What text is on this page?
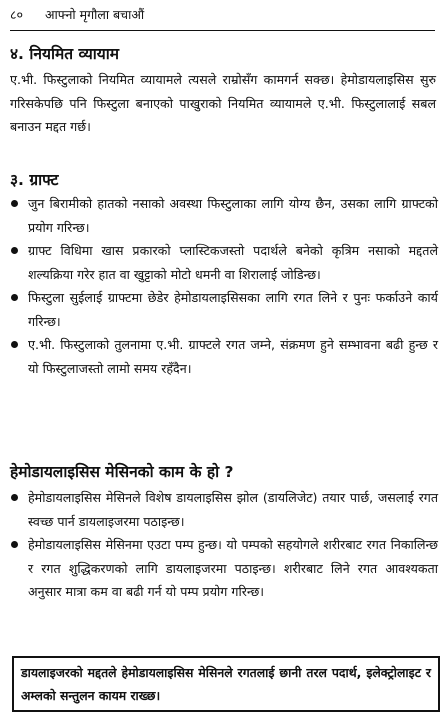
८० आफ्नो मृगौला बचाऔं
४. नियमित व्यायाम
ए.भी. फिस्टुलाको नियमित व्यायामले त्यसले राम्रोसँग कामगर्न सक्छ। हेमोडायलाइसिस सुरु गरिसकेपछि पनि फिस्टुला बनाएको पाखुराको नियमित व्यायामले ए.भी. फिस्टुलालाई सबल बनाउन मद्दत गर्छ।
३. ग्राफ्ट
जुन बिरामीको हातको नसाको अवस्था फिस्टुलाका लागि योग्य छैन, उसका लागि ग्राफ्टको प्रयोग गरिन्छ।
ग्राफ्ट विधिमा खास प्रकारको प्लास्टिकजस्तो पदार्थले बनेको कृत्रिम नसाको मद्दतले शल्यक्रिया गरेर हात वा खुट्टाको मोटो धमनी वा शिरालाई जोडिन्छ।
फिस्टुला सुईलाई ग्राफ्टमा छेडेर हेमोडायलाइसिसका लागि रगत लिने र पुनः फर्काउने कार्य गरिन्छ।
ए.भी. फिस्टुलाको तुलनामा ए.भी. ग्राफ्टले रगत जम्ने, संक्रमण हुने सम्भावना बढी हुन्छ र यो फिस्टुलाजस्तो लामो समय रहँदैन।
हेमोडायलाइसिस मेसिनको काम के हो ?
हेमोडायलाइसिस मेसिनले विशेष डायलाइसिस झोल (डायलिजेट) तयार पार्छ, जसलाई रगत स्वच्छ पार्न डायलाइजरमा पठाइन्छ।
हेमोडायलाइसिस मेसिनमा एउटा पम्प हुन्छ। यो पम्पको सहयोगले शरीरबाट रगत निकालिन्छ र रगत शुद्धिकरणको लागि डायलाइजरमा पठाइन्छ। शरीरबाट लिने रगत आवश्यकता अनुसार मात्रा कम वा बढी गर्न यो पम्प प्रयोग गरिन्छ।
डायलाइजरको मद्दतले हेमोडायलाइसिस मेसिनले रगतलाई छानी तरल पदार्थ, इलेक्ट्रोलाइट र अम्लको सन्तुलन कायम राख्छ।
